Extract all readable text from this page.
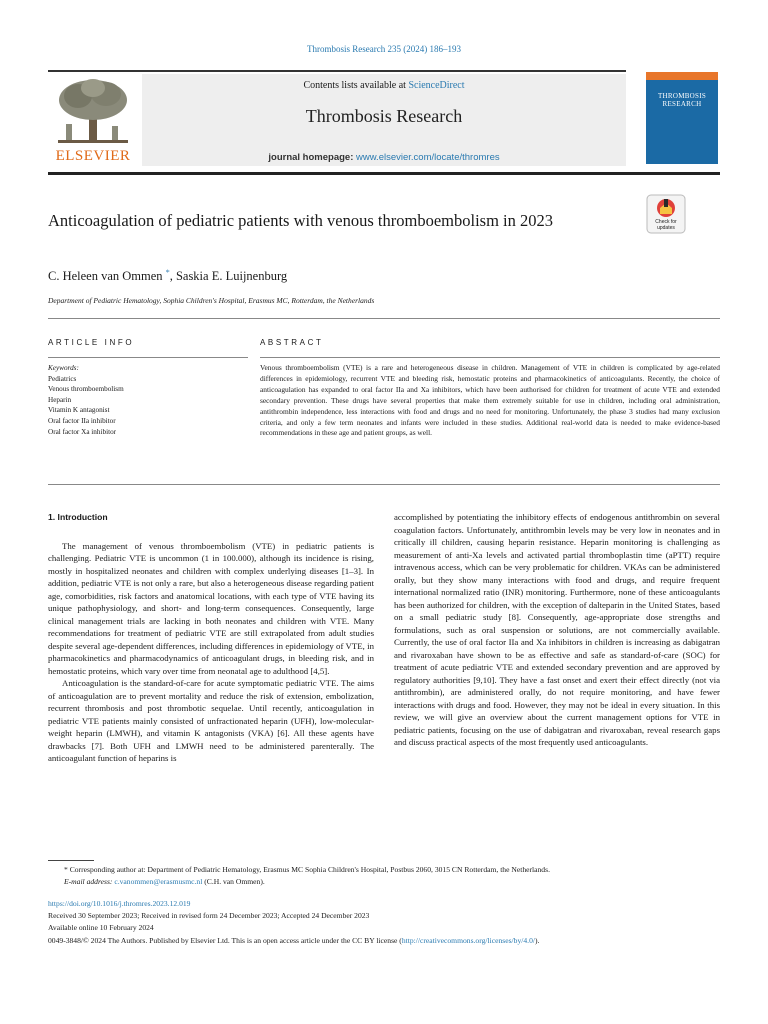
Thrombosis Research 235 (2024) 186–193
ELSEVIER
Contents lists available at ScienceDirect
Thrombosis Research
journal homepage: www.elsevier.com/locate/thromres
THROMBOSIS RESEARCH
Anticoagulation of pediatric patients with venous thromboembolism in 2023	Check for updates
C. Heleen van Ommen *, Saskia E. Luijnenburg
Department of Pediatric Hematology, Sophia Children's Hospital, Erasmus MC, Rotterdam, the Netherlands
ARTICLE INFO	ABSTRACT
Keywords:
Pediatrics
Venous thromboembolism
Heparin
Vitamin K antagonist
Oral factor IIa inhibitor
Oral factor Xa inhibitor
Venous thromboembolism (VTE) is a rare and heterogeneous disease in children. Management of VTE in children is complicated by age-related differences in epidemiology, recurrent VTE and bleeding risk, hemostatic proteins and pharmacokinetics of anticoagulants. Recently, the choice of anticoagulation has expanded to oral factor IIa and Xa inhibitors, which have been authorised for children for treatment of acute VTE and extended secondary prevention. These drugs have several properties that make them extremely suitable for use in children, including oral administration, antithrombin independence, less interactions with food and drugs and no need for monitoring. Unfortunately, the phase 3 studies had many exclusion criteria, and only a few term neonates and infants were included in these studies. Additional real-world data is needed to make evidence-based recommendations in these age and patient groups, as well.
1. Introduction

The management of venous thromboembolism (VTE) in pediatric patients is challenging. Pediatric VTE is uncommon (1 in 100.000), although its incidence is rising, mostly in hospitalized neonates and children with complex underlying diseases [1–3]. In addition, pediatric VTE is not only a rare, but also a heterogeneous disease regarding patient age, comorbidities, risk factors and anatomical locations, with each type of VTE having its unique pathophysiology, and short- and long-term consequences. Consequently, large clinical management trials are lacking in both neonates and children with VTE. Many recommendations for treatment of pediatric VTE are still extrapolated from adult studies despite several age-dependent differences, including differences in epidemiology of VTE, in pharmacokinetics and pharmacodynamics of anticoagulant drugs, in bleeding risk, and in hemostatic proteins, which vary over time from neonatal age to adulthood [4,5].

Anticoagulation is the standard-of-care for acute symptomatic pediatric VTE. The aims of anticoagulation are to prevent mortality and reduce the risk of extension, embolization, recurrent thrombosis and post thrombotic sequelae. Until recently, anticoagulation in pediatric VTE patients mainly consisted of unfractionated heparin (UFH), low-molecular-weight heparin (LMWH), and vitamin K antagonists (VKA) [6]. All these agents have drawbacks [7]. Both UFH and LMWH need to be administered parenterally. The anticoagulant function of heparins is

accomplished by potentiating the inhibitory effects of endogenous antithrombin on several coagulation factors. Unfortunately, antithrombin levels may be very low in neonates and in critically ill children, causing heparin resistance. Heparin monitoring is challenging as measurement of anti-Xa levels and activated partial thromboplastin time (aPTT) require intravenous access, which can be very problematic for children. VKAs can be administered orally, but they show many interactions with food and drugs, and require frequent international normalized ratio (INR) monitoring. Furthermore, none of these anticoagulants has been authorized for children, with the exception of dalteparin in the United States, based on a small pediatric study [8]. Consequently, age-appropriate dose strengths and formulations, such as oral suspension or solutions, are not commercially available. Currently, the use of oral factor IIa and Xa inhibitors in children is increasing as dabigatran and rivaroxaban have shown to be as effective and safe as standard-of-care (SOC) for treatment of acute pediatric VTE and extended secondary prevention and are approved by regulatory authorities [9,10]. They have a fast onset and exert their effect directly (not via antithrombin), are administered orally, do not require monitoring, and have fewer interactions with drugs and food. However, they may not be ideal in every situation. In this review, we will give an overview about the current management options for VTE in pediatric patients, focusing on the use of dabigatran and rivaroxaban, reveal research gaps and discuss practical aspects of the most frequently used anticoagulants.

* Corresponding author at: Department of Pediatric Hematology, Erasmus MC Sophia Children's Hospital, Postbus 2060, 3015 CN Rotterdam, the Netherlands.
E-mail address: c.vanommen@erasmusmc.nl (C.H. van Ommen).
https://doi.org/10.1016/j.thromres.2023.12.019
Received 30 September 2023; Received in revised form 24 December 2023; Accepted 24 December 2023
Available online 10 February 2024
0049-3848/© 2024 The Authors. Published by Elsevier Ltd. This is an open access article under the CC BY license (http://creativecommons.org/licenses/by/4.0/).
